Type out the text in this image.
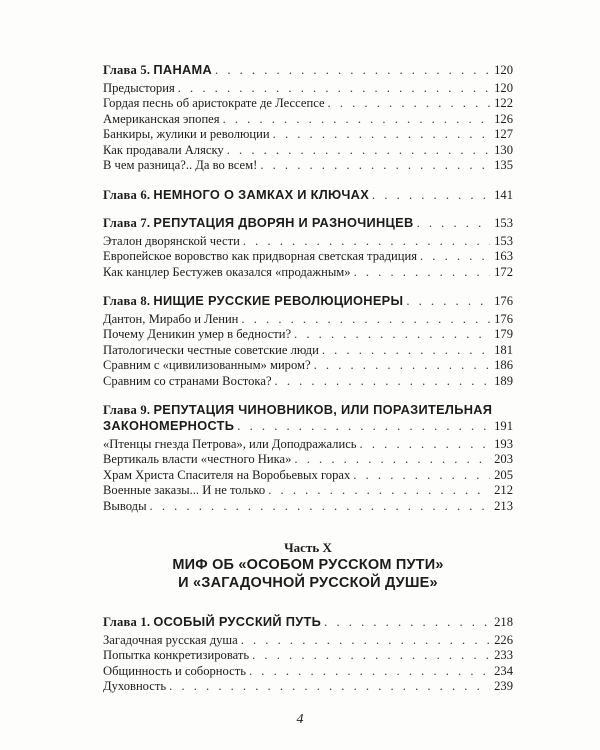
Глава 5. ПАНАМА . . .	120
Предыстория . . .	120
Гордая песнь об аристократе де Лессепсе . . .	122
Американская эпопея . . .	126
Банкиры, жулики и революции . . .	127
Как продавали Аляску . . .	130
В чем разница?.. Да во всем! . . .	135
Глава 6. НЕМНОГО О ЗАМКАХ И КЛЮЧАХ . . .	141
Глава 7. РЕПУТАЦИЯ ДВОРЯН И РАЗНОЧИНЦЕВ . . .	153
Эталон дворянской чести . . .	153
Европейское воровство как придворная светская традиция . . .	163
Как канцлер Бестужев оказался «продажным» . . .	172
Глава 8. НИЩИЕ РУССКИЕ РЕВОЛЮЦИОНЕРЫ . . .	176
Дантон, Мирабо и Ленин . . .	176
Почему Деникин умер в бедности? . . .	179
Патологически честные советские люди . . .	181
Сравним с «цивилизованным» миром? . . .	186
Сравним со странами Востока? . . .	189
Глава 9. РЕПУТАЦИЯ ЧИНОВНИКОВ, ИЛИ ПОРАЗИТЕЛЬНАЯ
ЗАКОНОМЕРНОСТЬ . . .	191
«Птенцы гнезда Петрова», или Доподражались . . .	193
Вертикаль власти «честного Ника» . . .	203
Храм Христа Спасителя на Воробьевых горах . . .	205
Военные заказы... И не только . . .	212
Выводы . . .	213
Часть X
МИФ ОБ «ОСОБОМ РУССКОМ ПУТИ»
И «ЗАГАДОЧНОЙ РУССКОЙ ДУШЕ»
Глава 1. ОСОБЫЙ РУССКИЙ ПУТЬ . . .	218
Загадочная русская душа . . .	226
Попытка конкретизировать . . .	233
Общинность и соборность . . .	234
Духовность . . .	239
4
